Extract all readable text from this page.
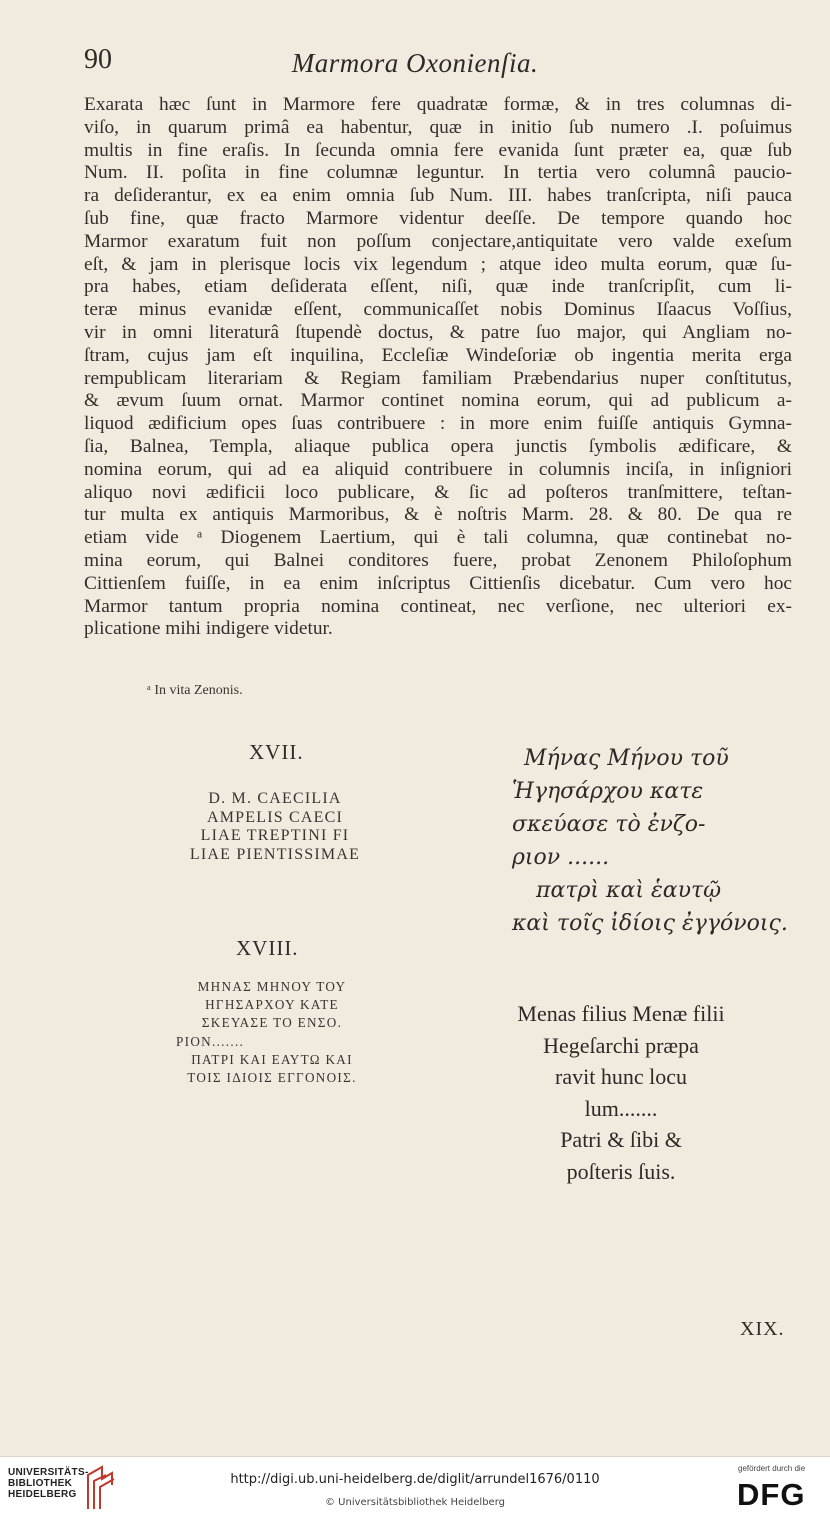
90	Marmora Oxonienſia.
Exarata hæc ſunt in Marmore fere quadratæ formæ, & in tres columnas di-
viſo, in quarum primâ ea habentur, quæ in initio ſub numero .I. poſuimus
multis in fine eraſis. In ſecunda omnia fere evanida ſunt præter ea, quæ ſub
Num. II. poſita in fine columnæ leguntur. In tertia vero columnâ paucio-
ra deſiderantur, ex ea enim omnia ſub Num. III. habes tranſcripta, niſi pauca
ſub fine, quæ fracto Marmore videntur deeſſe. De tempore quando hoc
Marmor exaratum fuit non poſſum conjectare,antiquitate vero valde exeſum
eſt, & jam in plerisque locis vix legendum ; atque ideo multa eorum, quæ ſu-
pra habes, etiam deſiderata eſſent, niſi, quæ inde tranſcripſit, cum li-
teræ minus evanidæ eſſent, communicaſſet nobis Dominus Iſaacus Voſſius,
vir in omni literaturâ ſtupendè doctus, & patre ſuo major, qui Angliam no-
ſtram, cujus jam eſt inquilina, Eccleſiæ Windeſoriæ ob ingentia merita erga
rempublicam literariam & Regiam familiam Præbendarius nuper conſtitutus,
& ævum ſuum ornat. Marmor continet nomina eorum, qui ad publicum a-
liquod ædificium opes ſuas contribuere : in more enim fuiſſe antiquis Gymna-
ſia, Balnea, Templa, aliaque publica opera junctis ſymbolis ædificare, &
nomina eorum, qui ad ea aliquid contribuere in columnis inciſa, in inſigniori
aliquo novi ædificii loco publicare, & ſic ad poſteros tranſmittere, teſtan-
tur multa ex antiquis Marmoribus, & è noſtris Marm. 28. & 80. De qua re
etiam vide ᵃ Diogenem Laertium, qui è tali columna, quæ continebat no-
mina eorum, qui Balnei conditores fuere, probat Zenonem Philoſophum
Cittienſem fuiſſe, in ea enim inſcriptus Cittienſis dicebatur. Cum vero hoc
Marmor tantum propria nomina contineat, nec verſione, nec ulteriori ex-
plicatione mihi indigere videtur.
ᵃ In vita Zenonis.
XVII.
D. M. CAECILIA
AMPELIS CAECI
LIAE TREPTINI FI
LIAE PIENTISSIMAE
XVIII.
ΜΗΝΑΣ ΜΗΝΟΥ ΤΟΥ
ΗΓΗΣΑΡΧΟΥ ΚΑΤΕ
ΣΚΕΥΑΣΕ ΤΟ ΕΝΣΟ.
ΡΙΟΝ.......
ΠΑΤΡΙ ΚΑΙ ΕΑΥΤΩ ΚΑΙ
ΤΟΙΣ ΙΔΙΟΙΣ ΕΓΓΟΝΟΙΣ.
Μήνας Μήνου τοῦ
Ἡγησάρχου κατε
σκεύασε τὸ ἐνζο-
ριον ......
πατρὶ καὶ ἑαυτῷ
καὶ τοῖς ἰδίοις ἐγγόνοις.
Menas filius Menæ filii
Hegeſarchi præpa
ravit hunc locu
lum.......
Patri & ſibi &
poſteris ſuis.
XIX.
UNIVERSITÄTS-
BIBLIOTHEK
HEIDELBERG
http://digi.ub.uni-heidelberg.de/diglit/arrundel1676/0110
© Universitätsbibliothek Heidelberg
gefördert durch die
DFG
